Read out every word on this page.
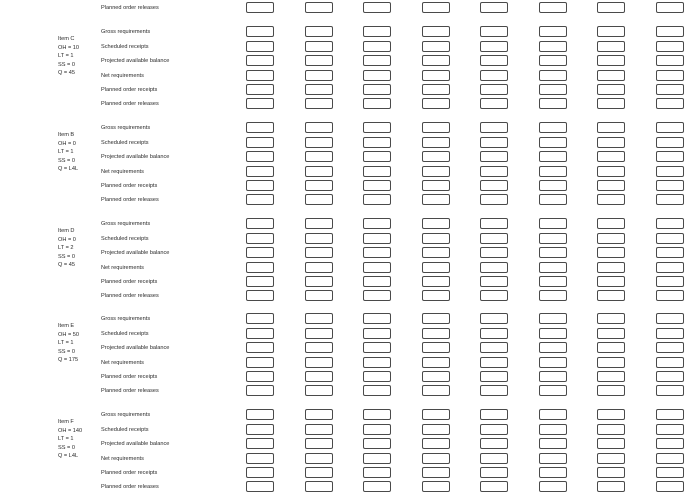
Planned order releases
Item C
OH = 10
LT = 1
SS = 0
Q = 45
Gross requirements
Scheduled receipts
Projected available balance
Net requirements
Planned order receipts
Planned order releases
Item B
OH = 0
LT = 1
SS = 0
Q = L4L
Gross requirements
Scheduled receipts
Projected available balance
Net requirements
Planned order receipts
Planned order releases
Item D
OH = 0
LT = 2
SS = 0
Q = 45
Gross requirements
Scheduled receipts
Projected available balance
Net requirements
Planned order receipts
Planned order releases
Item E
OH = 50
LT = 1
SS = 0
Q = 175
Gross requirements
Scheduled receipts
Projected available balance
Net requirements
Planned order receipts
Planned order releases
Item F
OH = 140
LT = 1
SS = 0
Q = L4L
Gross requirements
Scheduled receipts
Projected available balance
Net requirements
Planned order receipts
Planned order releases
